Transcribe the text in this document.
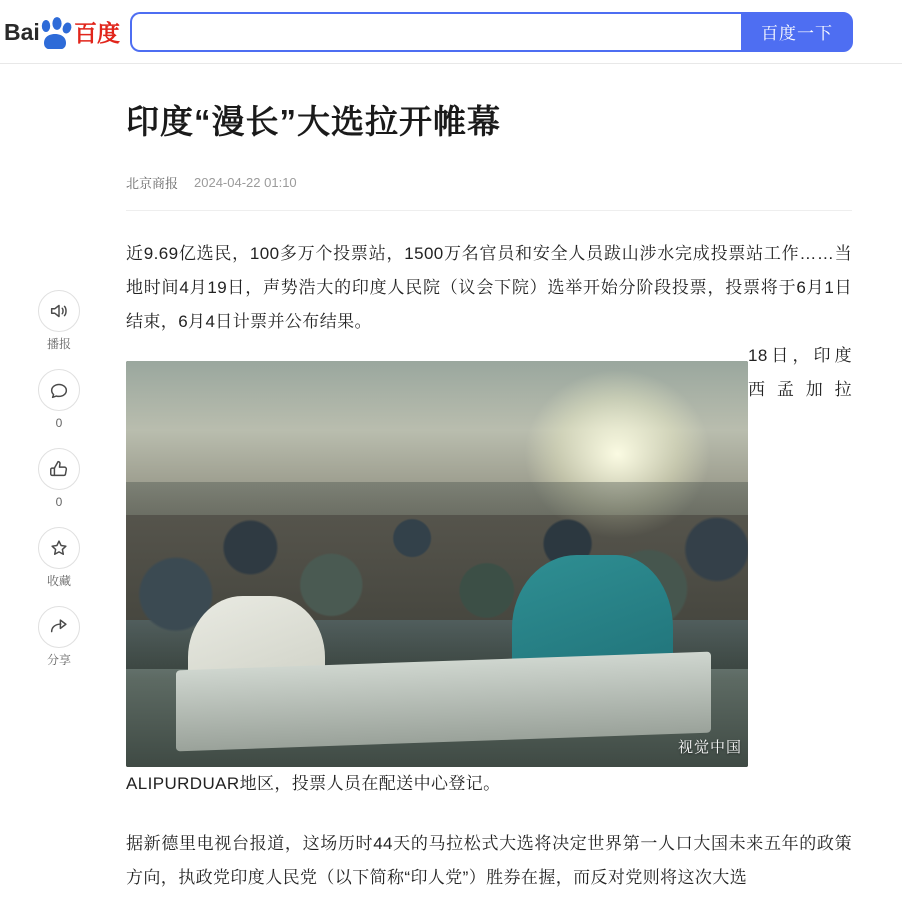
Bai 百度	百度一下
播报
0
0
收藏
分享
印度“漫长”大选拉开帷幕
北京商报 2024-04-22 01:10

近9.69亿选民，100多万个投票站，1500万名官员和安全人员跋山涉水完成投票站工作……当地时间4月19日，声势浩大的印度人民院（议会下院）选举开始分阶段投票，投票将于6月1日结束，6月4日计票并公布结果。

视觉中国
18日，印度西孟加拉ALIPURDUAR地区，投票人员在配送中心登记。

据新德里电视台报道，这场历时44天的马拉松式大选将决定世界第一人口大国未来五年的政策方向，执政党印度人民党（以下简称“印人党”）胜券在握，而反对党则将这次大选
